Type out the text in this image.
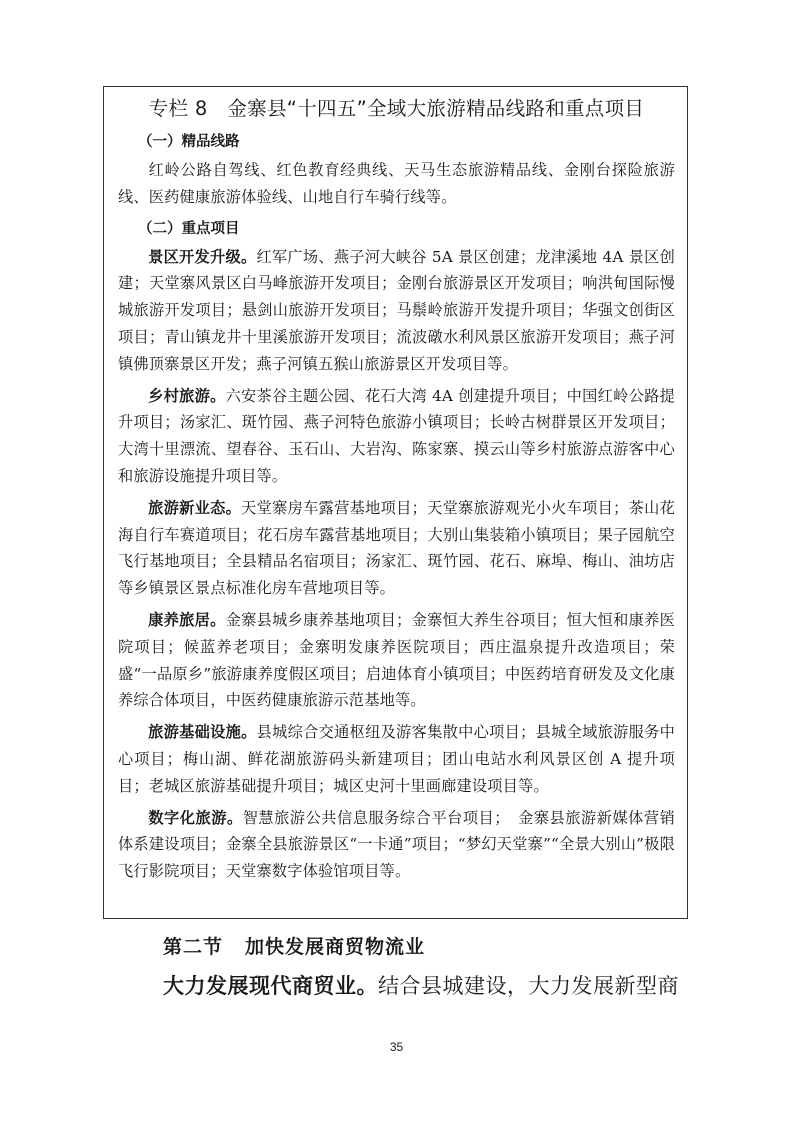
专栏 8　金寨县“十四五”全域大旅游精品线路和重点项目
（一）精品线路
红岭公路自驾线、红色教育经典线、天马生态旅游精品线、金刚台探险旅游线、医药健康旅游体验线、山地自行车骑行线等。
（二）重点项目
景区开发升级。红军广场、燕子河大峡谷 5A 景区创建；龙津溪地 4A 景区创建；天堂寨风景区白马峰旅游开发项目；金刚台旅游景区开发项目；响洪甸国际慢城旅游开发项目；悬剑山旅游开发项目；马鬃岭旅游开发提升项目；华强文创街区项目；青山镇龙井十里溪旅游开发项目；流波礅水利风景区旅游开发项目；燕子河镇佛顶寨景区开发；燕子河镇五猴山旅游景区开发项目等。
乡村旅游。六安茶谷主题公园、花石大湾 4A 创建提升项目；中国红岭公路提升项目；汤家汇、斑竹园、燕子河特色旅游小镇项目；长岭古树群景区开发项目；大湾十里漂流、望春谷、玉石山、大岩沟、陈家寨、摸云山等乡村旅游点游客中心和旅游设施提升项目等。
旅游新业态。天堂寨房车露营基地项目；天堂寨旅游观光小火车项目；茶山花海自行车赛道项目；花石房车露营基地项目；大别山集装箱小镇项目；果子园航空飞行基地项目；全县精品名宿项目；汤家汇、斑竹园、花石、麻埠、梅山、油坊店等乡镇景区景点标准化房车营地项目等。
康养旅居。金寨县城乡康养基地项目；金寨恒大养生谷项目；恒大恒和康养医院项目；候蓝养老项目；金寨明发康养医院项目；西庄温泉提升改造项目；荣盛“一品原乡”旅游康养度假区项目；启迪体育小镇项目；中医药培育研发及文化康养综合体项目，中医药健康旅游示范基地等。
旅游基础设施。县城综合交通枢纽及游客集散中心项目；县城全域旅游服务中心项目；梅山湖、鲜花湖旅游码头新建项目；团山电站水利风景区创 A 提升项目；老城区旅游基础提升项目；城区史河十里画廊建设项目等。
数字化旅游。智慧旅游公共信息服务综合平台项目；　金寨县旅游新媒体营销体系建设项目；金寨全县旅游景区“一卡通”项目；“梦幻天堂寨”“全景大别山”极限飞行影院项目；天堂寨数字体验馆项目等。
第二节 加快发展商贸物流业
大力发展现代商贸业。结合县城建设，大力发展新型商
35
